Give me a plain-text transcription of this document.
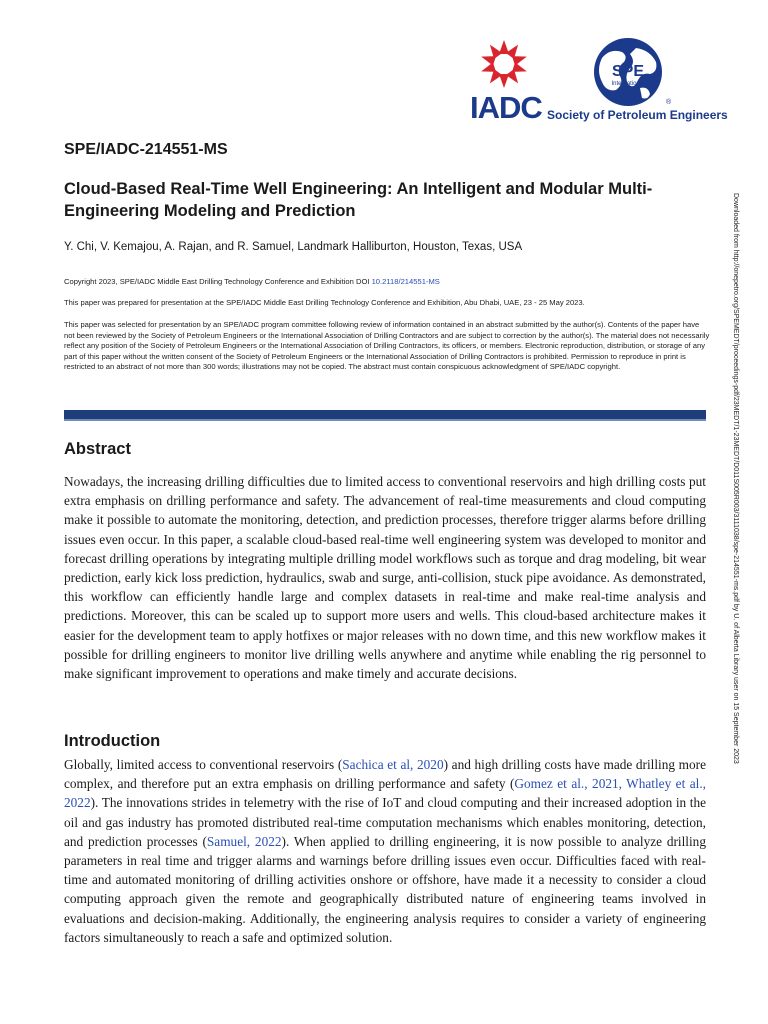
IADC
SPE
International
®
Society of Petroleum Engineers
SPE/IADC-214551-MS
Cloud-Based Real-Time Well Engineering: An Intelligent and Modular Multi-Engineering Modeling and Prediction
Y. Chi, V. Kemajou, A. Rajan, and R. Samuel, Landmark Halliburton, Houston, Texas, USA
Copyright 2023, SPE/IADC Middle East Drilling Technology Conference and Exhibition DOI 10.2118/214551-MS
This paper was prepared for presentation at the SPE/IADC Middle East Drilling Technology Conference and Exhibition, Abu Dhabi, UAE, 23 - 25 May 2023.
This paper was selected for presentation by an SPE/IADC program committee following review of information contained in an abstract submitted by the author(s). Contents of the paper have not been reviewed by the Society of Petroleum Engineers or the International Association of Drilling Contractors and are subject to correction by the author(s). The material does not necessarily reflect any position of the Society of Petroleum Engineers or the International Association of Drilling Contractors, its officers, or members. Electronic reproduction, distribution, or storage of any part of this paper without the written consent of the Society of Petroleum Engineers or the International Association of Drilling Contractors is prohibited. Permission to reproduce in print is restricted to an abstract of not more than 300 words; illustrations may not be copied. The abstract must contain conspicuous acknowledgment of SPE/IADC copyright.
Abstract
Nowadays, the increasing drilling difficulties due to limited access to conventional reservoirs and high drilling costs put extra emphasis on drilling performance and safety. The advancement of real-time measurements and cloud computing make it possible to automate the monitoring, detection, and prediction processes, therefore trigger alarms before drilling issues even occur. In this paper, a scalable cloud-based real-time well engineering system was developed to monitor and forecast drilling operations by integrating multiple drilling model workflows such as torque and drag modeling, bit wear prediction, early kick loss prediction, hydraulics, swab and surge, anti-collision, stuck pipe avoidance. As demonstrated, this workflow can efficiently handle large and complex datasets in real-time and make real-time analysis and predictions. Moreover, this can be scaled up to support more users and wells. This cloud-based architecture makes it easier for the development team to apply hotfixes or major releases with no down time, and this new workflow makes it possible for drilling engineers to monitor live drilling wells anywhere and anytime while enabling the rig personnel to make significant improvement to operations and make timely and accurate decisions.
Introduction
Globally, limited access to conventional reservoirs (Sachica et al, 2020) and high drilling costs have made drilling more complex, and therefore put an extra emphasis on drilling performance and safety (Gomez et al., 2021, Whatley et al., 2022). The innovations strides in telemetry with the rise of IoT and cloud computing and their increased adoption in the oil and gas industry has promoted distributed real-time computation mechanisms which enables monitoring, detection, and prediction processes (Samuel, 2022). When applied to drilling engineering, it is now possible to analyze drilling parameters in real time and trigger alarms and warnings before drilling issues even occur. Difficulties faced with real-time and automated monitoring of drilling activities onshore or offshore, have made it a necessity to consider a cloud computing approach given the remote and geographically distributed nature of engineering teams involved in evaluations and decision-making. Additionally, the engineering analysis requires to consider a variety of engineering factors simultaneously to reach a safe and optimized solution.
Downloaded from http://onepetro.org/SPEMEDT/proceedings-pdf/23MEDT/1-23MEDT/D011S005R003/3111038/spe-214551-ms.pdf by U. of Alberta Library user on 15 September 2023
